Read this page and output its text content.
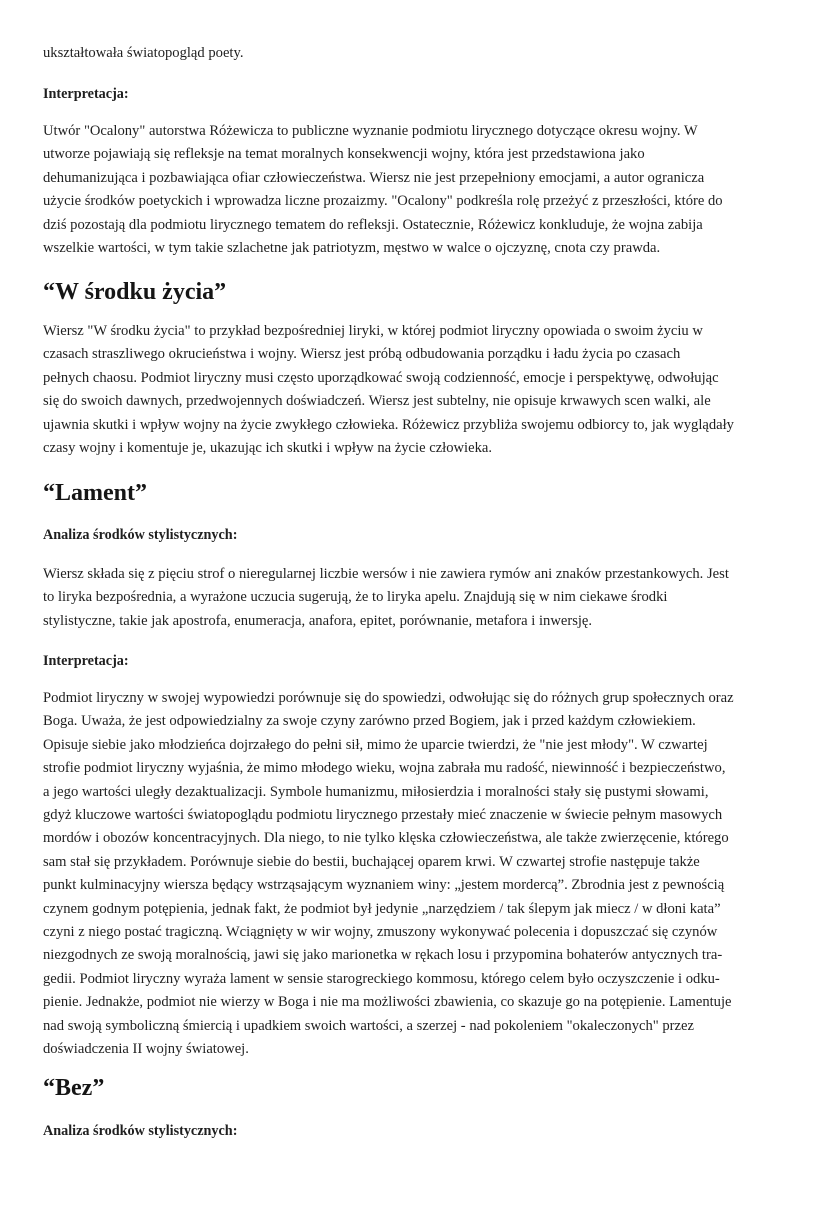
ukształtowała światopogląd poety.

Interpretacja:

Utwór "Ocalony" autorstwa Różewicza to publiczne wyznanie podmiotu lirycznego dotyczące okresu wojny. W

utworze pojawiają się refleksje na temat moralnych konsekwencji wojny, która jest przedstawiona jako

dehumanizująca i pozbawiająca ofiar człowieczeństwa. Wiersz nie jest przepełniony emocjami, a autor ogranicza

użycie środków poetyckich i wprowadza liczne prozaizmy. "Ocalony" podkreśla rolę przeżyć z przeszłości, które do

dziś pozostają dla podmiotu lirycznego tematem do refleksji. Ostatecznie, Różewicz konkluduje, że wojna zabija

wszelkie wartości, w tym takie szlachetne jak patriotyzm, męstwo w walce o ojczyznę, cnota czy prawda.

“W środku życia”

Wiersz "W środku życia" to przykład bezpośredniej liryki, w której podmiot liryczny opowiada o swoim życiu w

czasach straszliwego okrucieństwa i wojny. Wiersz jest próbą odbudowania porządku i ładu życia po czasach

pełnych chaosu. Podmiot liryczny musi często uporządkować swoją codzienność, emocje i perspektywę, odwołując

się do swoich dawnych, przedwojennych doświadczeń. Wiersz jest subtelny, nie opisuje krwawych scen walki, ale

ujawnia skutki i wpływ wojny na życie zwykłego człowieka. Różewicz przybliża swojemu odbiorcy to, jak wyglądały

czasy wojny i komentuje je, ukazując ich skutki i wpływ na życie człowieka.

“Lament”

Analiza środków stylistycznych:

Wiersz składa się z pięciu strof o nieregularnej liczbie wersów i nie zawiera rymów ani znaków przestankowych. Jest

to liryka bezpośrednia, a wyrażone uczucia sugerują, że to liryka apelu. Znajdują się w nim ciekawe środki

stylistyczne, takie jak apostrofa, enumeracja, anafora, epitet, porównanie, metafora i inwersję.

Interpretacja:

Podmiot liryczny w swojej wypowiedzi porównuje się do spowiedzi, odwołując się do różnych grup społecznych oraz

Boga. Uważa, że jest odpowiedzialny za swoje czyny zarówno przed Bogiem, jak i przed każdym człowiekiem.

Opisuje siebie jako młodzieńca dojrzałego do pełni sił, mimo że uparcie twierdzi, że "nie jest młody". W czwartej

strofie podmiot liryczny wyjaśnia, że mimo młodego wieku, wojna zabrała mu radość, niewinność i bezpieczeństwo,

a jego wartości uległy dezaktualizacji. Symbole humanizmu, miłosierdzia i moralności stały się pustymi słowami,

gdyż kluczowe wartości światopoglądu podmiotu lirycznego przestały mieć znaczenie w świecie pełnym masowych

mordów i obozów koncentracyjnych. Dla niego, to nie tylko klęska człowieczeństwa, ale także zwierzęcenie, którego

sam stał się przykładem. Porównuje siebie do bestii, buchającej oparem krwi. W czwartej strofie następuje także

punkt kulminacyjny wiersza będący wstrząsającym wyznaniem winy: „jestem mordercą”. Zbrodnia jest z pewnością

czynem godnym potępienia, jednak fakt, że podmiot był jedynie „narzędziem / tak ślepym jak miecz / w dłoni kata”

czyni z niego postać tragiczną. Wciągnięty w wir wojny, zmuszony wykonywać polecenia i dopuszczać się czynów

niezgodnych ze swoją moralnością, jawi się jako marionetka w rękach losu i przypomina bohaterów antycznych tra-

gedii. Podmiot liryczny wyraża lament w sensie starogreckiego kommosu, którego celem było oczyszczenie i odku-

pienie. Jednakże, podmiot nie wierzy w Boga i nie ma możliwości zbawienia, co skazuje go na potępienie. Lamentuje

nad swoją symboliczną śmiercią i upadkiem swoich wartości, a szerzej - nad pokoleniem "okaleczonych" przez

doświadczenia II wojny światowej.

“Bez”

Analiza środków stylistycznych:
